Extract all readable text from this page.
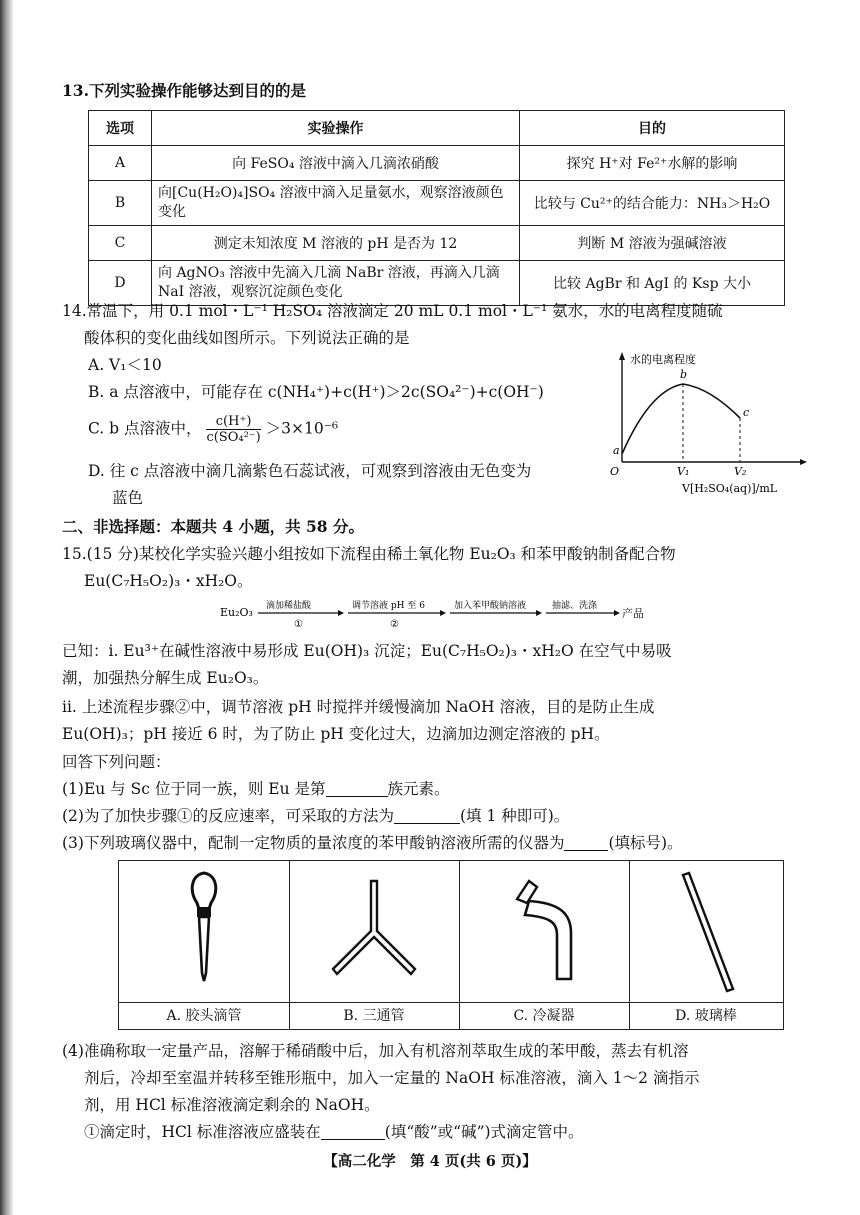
13.下列实验操作能够达到目的的是
选项	实验操作	目的
A	向 FeSO₄ 溶液中滴入几滴浓硝酸	探究 H⁺对 Fe²⁺水解的影响
B	向[Cu(H₂O)₄]SO₄ 溶液中滴入足量氨水，观察溶液颜色变化	比较与 Cu²⁺的结合能力：NH₃＞H₂O
C	测定未知浓度 M 溶液的 pH 是否为 12	判断 M 溶液为强碱溶液
D	向 AgNO₃ 溶液中先滴入几滴 NaBr 溶液，再滴入几滴 NaI 溶液，观察沉淀颜色变化	比较 AgBr 和 AgI 的 Ksp 大小
14.常温下，用 0.1 mol・L⁻¹ H₂SO₄ 溶液滴定 20 mL 0.1 mol・L⁻¹ 氨水，水的电离程度随硫
酸体积的变化曲线如图所示。下列说法正确的是
A. V₁＜10
B. a 点溶液中，可能存在 c(NH₄⁺)+c(H⁺)＞2c(SO₄²⁻)+c(OH⁻)
C. b 点溶液中， $\frac{c(H^+)}{\text{c(SO₄²⁻)}} >3\times 10^{-6}$
D. 往 c 点溶液中滴几滴紫色石蕊试液，可观察到溶液由无色变为
蓝色
水的电离程度
O
a
b
c
V₁	V₂
V[H₂SO₄(aq)]/mL
二、非选择题：本题共 4 小题，共 58 分。
15.(15 分)某校化学实验兴趣小组按如下流程由稀土氧化物 Eu₂O₃ 和苯甲酸钠制备配合物
Eu(C₇H₅O₂)₃・xH₂O。
Eu₂O₃ 滴加稀盐酸
①
调节溶液 pH 至 6
②
加入苯甲酸钠溶液	抽滤、洗涤
产品
已知：ⅰ. Eu³⁺在碱性溶液中易形成 Eu(OH)₃ 沉淀；Eu(C₇H₅O₂)₃・xH₂O 在空气中易吸
潮，加强热分解生成 Eu₂O₃。
ⅱ. 上述流程步骤②中，调节溶液 pH 时搅拌并缓慢滴加 NaOH 溶液，目的是防止生成
Eu(OH)₃；pH 接近 6 时，为了防止 pH 变化过大，边滴加边测定溶液的 pH。
回答下列问题：
(1)Eu 与 Sc 位于同一族，则 Eu 是第	族元素。
(2)为了加快步骤①的反应速率，可采取的方法为	(填 1 种即可)。
(3)下列玻璃仪器中，配制一定物质的量浓度的苯甲酸钠溶液所需的仪器为	(填标号)。
A. 胶头滴管	B. 三通管	C. 冷凝器	D. 玻璃棒
(4)准确称取一定量产品，溶解于稀硝酸中后，加入有机溶剂萃取生成的苯甲酸，蒸去有机溶
剂后，冷却至室温并转移至锥形瓶中，加入一定量的 NaOH 标准溶液，滴入 1～2 滴指示
剂，用 HCl 标准溶液滴定剩余的 NaOH。
①滴定时，HCl 标准溶液应盛装在	(填“酸”或“碱”)式滴定管中。
【高二化学　第 4 页(共 6 页)】
